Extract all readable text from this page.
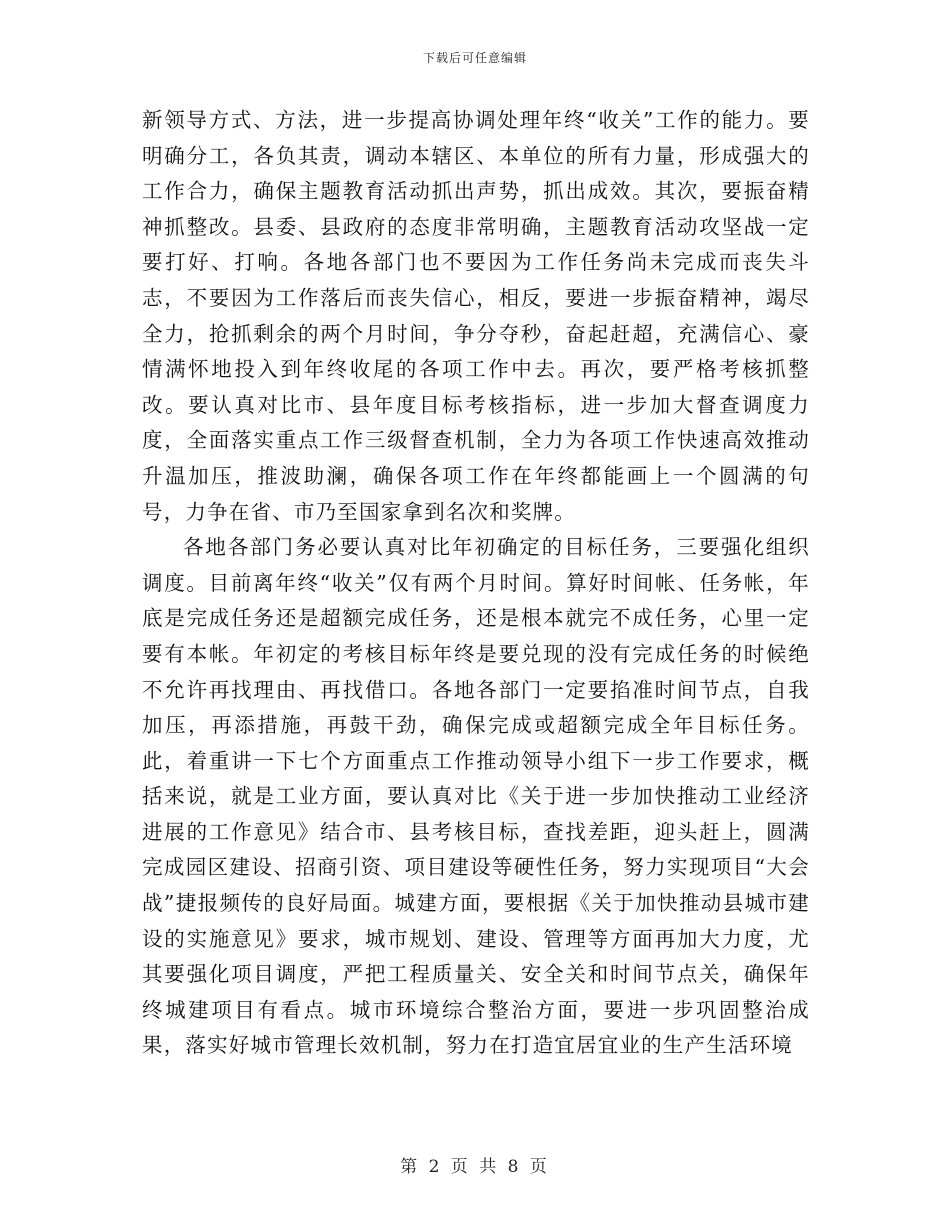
下载后可任意编辑

新领导方式、方法，进一步提高协调处理年终“收关”工作的能力。要明确分工，各负其责，调动本辖区、本单位的所有力量，形成强大的工作合力，确保主题教育活动抓出声势，抓出成效。其次，要振奋精神抓整改。县委、县政府的态度非常明确，主题教育活动攻坚战一定要打好、打响。各地各部门也不要因为工作任务尚未完成而丧失斗志，不要因为工作落后而丧失信心，相反，要进一步振奋精神，竭尽全力，抢抓剩余的两个月时间，争分夺秒，奋起赶超，充满信心、豪情满怀地投入到年终收尾的各项工作中去。再次，要严格考核抓整改。要认真对比市、县年度目标考核指标，进一步加大督查调度力度，全面落实重点工作三级督查机制，全力为各项工作快速高效推动升温加压，推波助澜，确保各项工作在年终都能画上一个圆满的句号，力争在省、市乃至国家拿到名次和奖牌。

各地各部门务必要认真对比年初确定的目标任务，三要强化组织调度。目前离年终“收关”仅有两个月时间。算好时间帐、任务帐，年底是完成任务还是超额完成任务，还是根本就完不成任务，心里一定要有本帐。年初定的考核目标年终是要兑现的没有完成任务的时候绝不允许再找理由、再找借口。各地各部门一定要掐准时间节点，自我加压，再添措施，再鼓干劲，确保完成或超额完成全年目标任务。此，着重讲一下七个方面重点工作推动领导小组下一步工作要求，概括来说，就是工业方面，要认真对比《关于进一步加快推动工业经济进展的工作意见》结合市、县考核目标，查找差距，迎头赶上，圆满完成园区建设、招商引资、项目建设等硬性任务，努力实现项目“大会战”捷报频传的良好局面。城建方面，要根据《关于加快推动县城市建设的实施意见》要求，城市规划、建设、管理等方面再加大力度，尤其要强化项目调度，严把工程质量关、安全关和时间节点关，确保年终城建项目有看点。城市环境综合整治方面，要进一步巩固整治成果，落实好城市管理长效机制，努力在打造宜居宜业的生产生活环境

第 2 页 共 8 页
